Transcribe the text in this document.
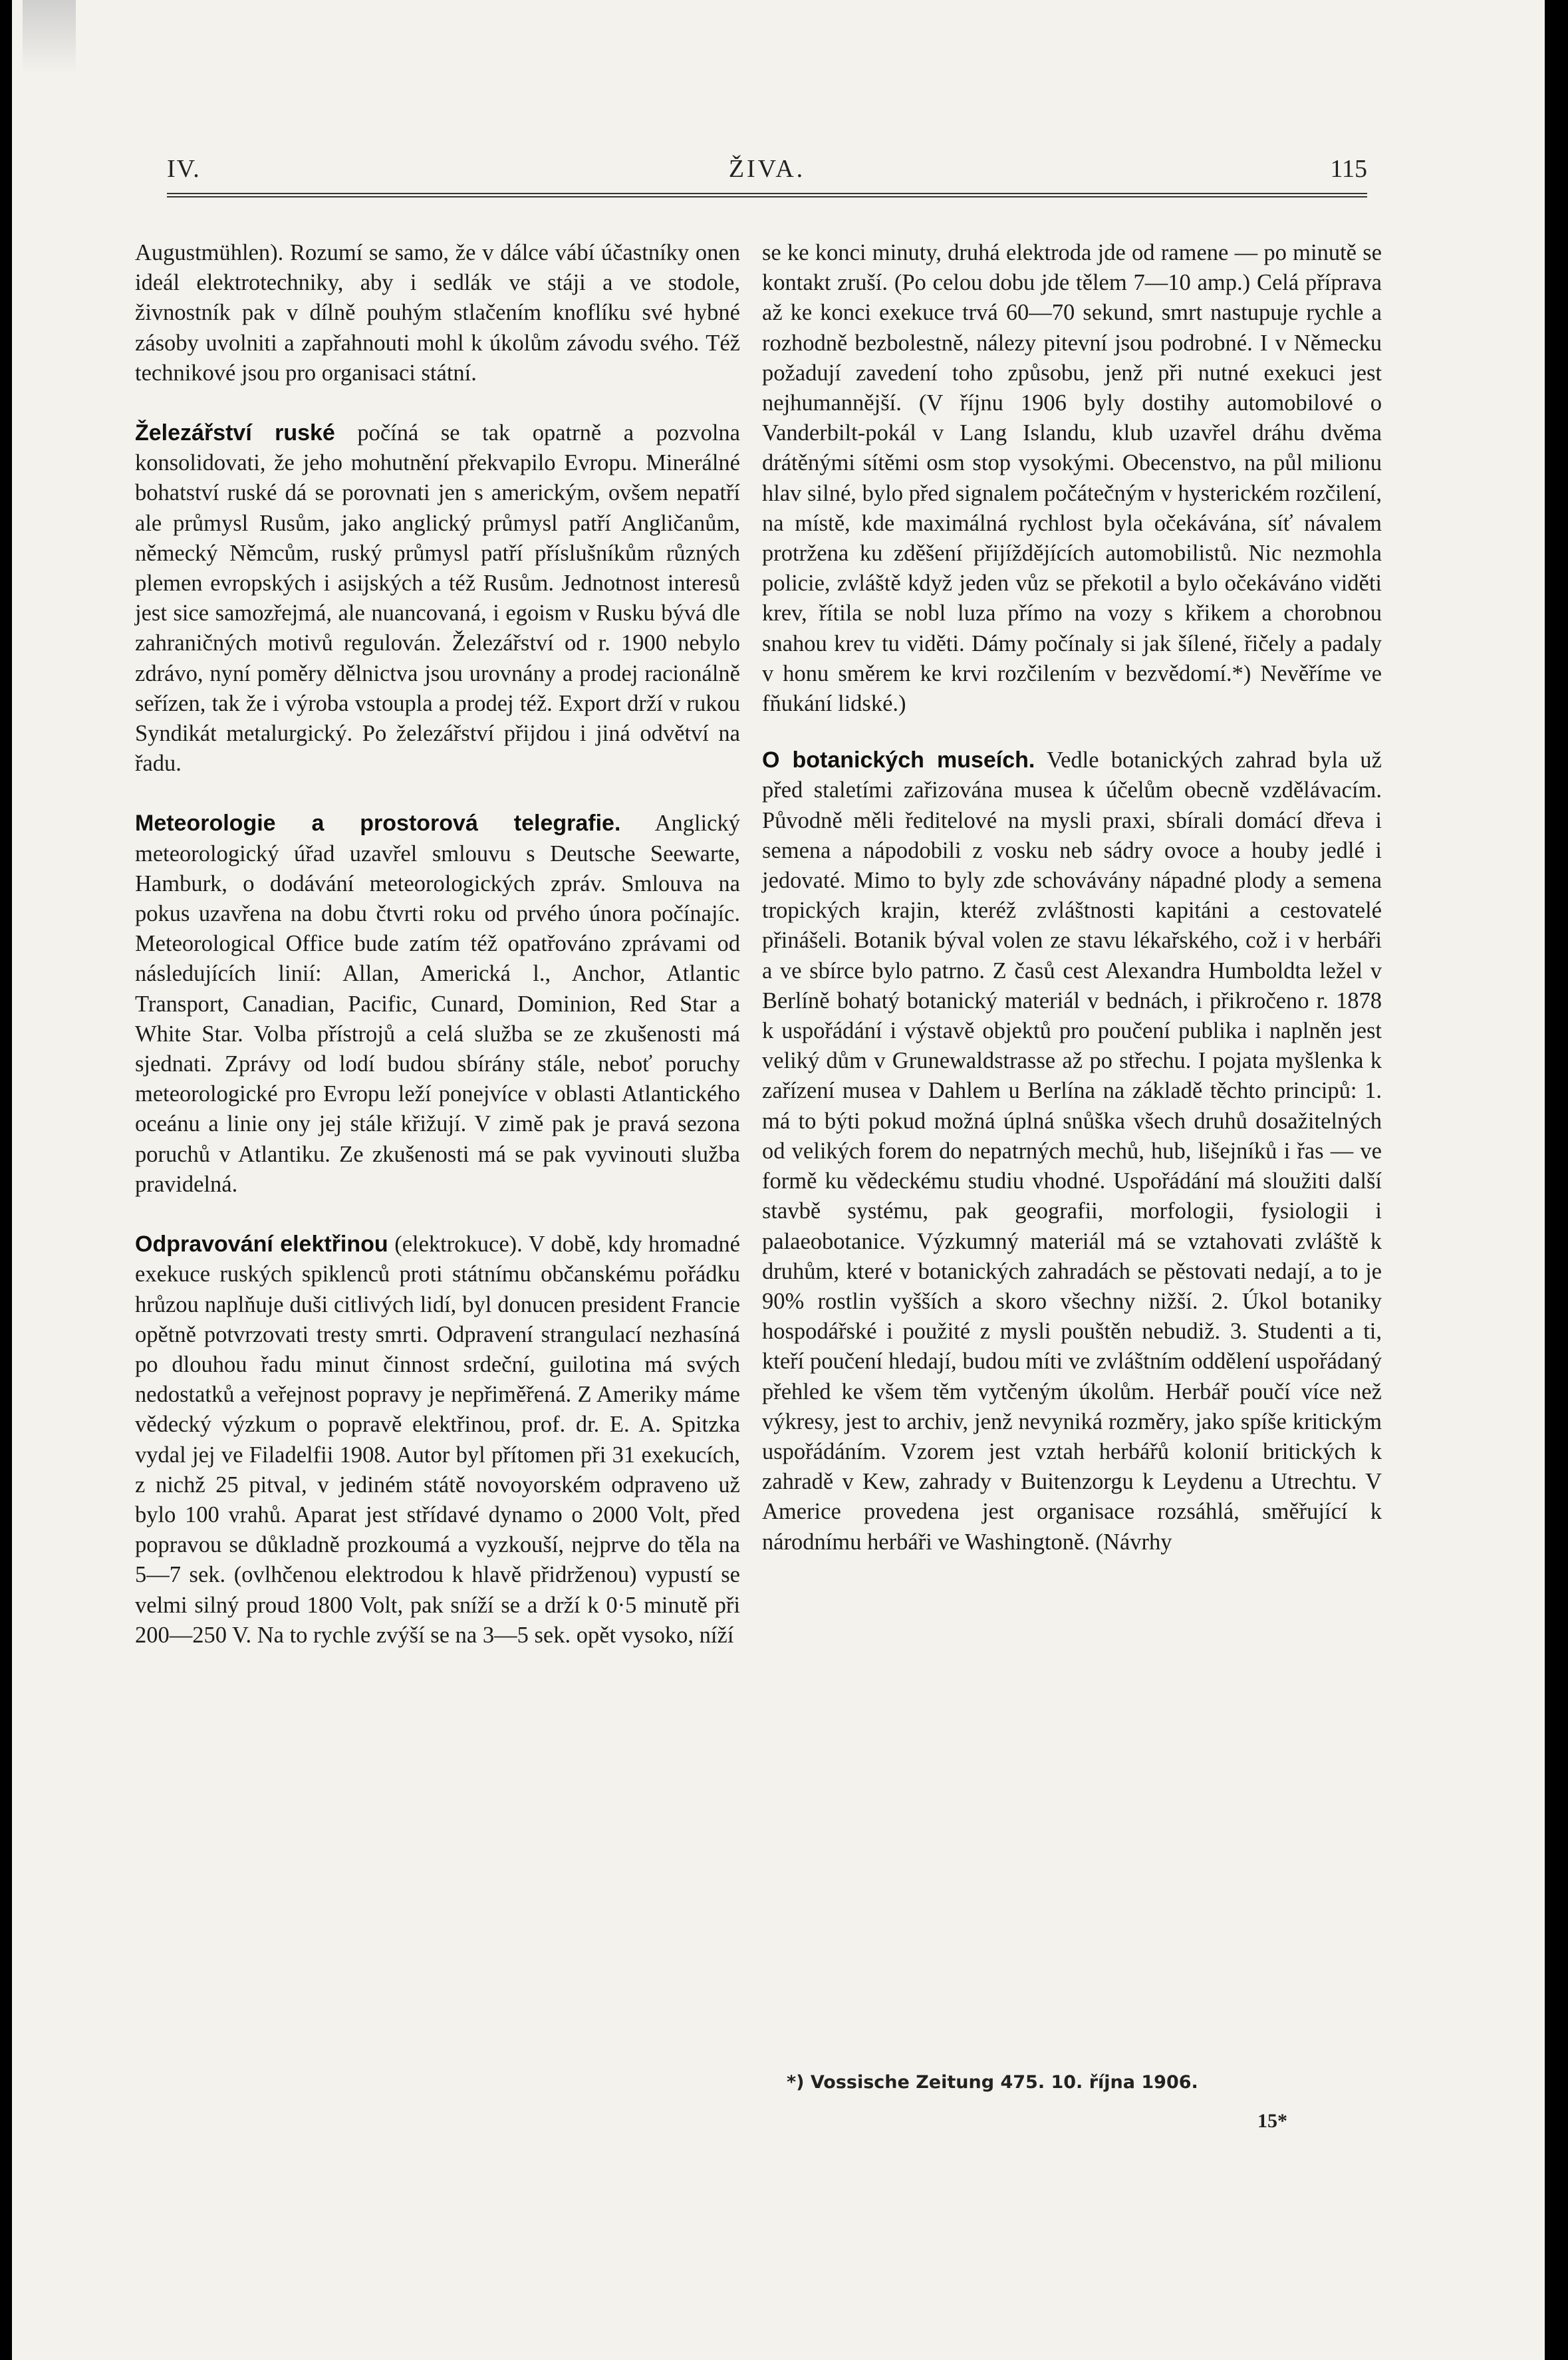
IV.	ŽIVA.	115

Augustmühlen). Rozumí se samo, že v dálce vábí účastníky onen ideál elektrotechniky, aby i sedlák ve stáji a ve stodole, živnostník pak v dílně pouhým stlačením knoflíku své hybné zásoby uvolniti a zapřahnouti mohl k úkolům závodu svého. Též technikové jsou pro organisaci státní.

Železářství ruské počíná se tak opatrně a pozvolna konsolidovati, že jeho mohutnění překvapilo Evropu. Minerálné bohatství ruské dá se porovnati jen s americkým, ovšem nepatří ale průmysl Rusům, jako anglický průmysl patří Angličanům, německý Němcům, ruský průmysl patří příslušníkům různých plemen evropských i asijských a též Rusům. Jednotnost interesů jest sice samozřejmá, ale nuancovaná, i egoism v Rusku bývá dle zahraničných motivů regulován. Železářství od r. 1900 nebylo zdrávo, nyní poměry dělnictva jsou urovnány a prodej racionálně seřízen, tak že i výroba vstoupla a prodej též. Export drží v rukou Syndikát metalurgický. Po železářství přijdou i jiná odvětví na řadu.

Meteorologie a prostorová telegrafie. Anglický meteorologický úřad uzavřel smlouvu s Deutsche Seewarte, Hamburk, o dodávání meteorologických zpráv. Smlouva na pokus uzavřena na dobu čtvrti roku od prvého února počínajíc. Meteorological Office bude zatím též opatřováno zprávami od následujících linií: Allan, Americká l., Anchor, Atlantic Transport, Canadian, Pacific, Cunard, Dominion, Red Star a White Star. Volba přístrojů a celá služba se ze zkušenosti má sjednati. Zprávy od lodí budou sbírány stále, neboť poruchy meteorologické pro Evropu leží ponejvíce v oblasti Atlantického oceánu a linie ony jej stále křižují. V zimě pak je pravá sezona poruchů v Atlantiku. Ze zkušenosti má se pak vyvinouti služba pravidelná.

Odpravování elektřinou (elektrokuce). V době, kdy hromadné exekuce ruských spiklenců proti státnímu občanskému pořádku hrůzou naplňuje duši citlivých lidí, byl donucen president Francie opětně potvrzovati tresty smrti. Odpravení strangulací nezhasíná po dlouhou řadu minut činnost srdeční, guilotina má svých nedostatků a veřejnost popravy je nepřiměřená. Z Ameriky máme vědecký výzkum o popravě elektřinou, prof. dr. E. A. Spitzka vydal jej ve Filadelfii 1908. Autor byl přítomen při 31 exekucích, z nichž 25 pitval, v jediném státě novoyorském odpraveno už bylo 100 vrahů. Aparat jest střídavé dynamo o 2000 Volt, před popravou se důkladně prozkoumá a vyzkouší, nejprve do těla na 5—7 sek. (ovlhčenou elektrodou k hlavě přidrženou) vypustí se velmi silný proud 1800 Volt, pak sníží se a drží k 0·5 minutě při 200—250 V. Na to rychle zvýší se na 3—5 sek. opět vysoko, níží

se ke konci minuty, druhá elektroda jde od ramene — po minutě se kontakt zruší. (Po celou dobu jde tělem 7—10 amp.) Celá příprava až ke konci exekuce trvá 60—70 sekund, smrt nastupuje rychle a rozhodně bezbolestně, nálezy pitevní jsou podrobné. I v Německu požadují zavedení toho způsobu, jenž při nutné exekuci jest nejhumannější. (V říjnu 1906 byly dostihy automobilové o Vanderbilt-pokál v Lang Islandu, klub uzavřel dráhu dvěma drátěnými sítěmi osm stop vysokými. Obecenstvo, na půl milionu hlav silné, bylo před signalem počátečným v hysterickém rozčilení, na místě, kde maximálná rychlost byla očekávána, síť návalem protržena ku zděšení přijíždějících automobilistů. Nic nezmohla policie, zvláště když jeden vůz se překotil a bylo očekáváno viděti krev, řítila se nobl luza přímo na vozy s křikem a chorobnou snahou krev tu viděti. Dámy počínaly si jak šílené, řičely a padaly v honu směrem ke krvi rozčilením v bezvědomí.*) Nevěříme ve fňukání lidské.)

O botanických museích. Vedle botanických zahrad byla už před staletími zařizována musea k účelům obecně vzdělávacím. Původně měli ředitelové na mysli praxi, sbírali domácí dřeva i semena a nápodobili z vosku neb sádry ovoce a houby jedlé i jedovaté. Mimo to byly zde schovávány nápadné plody a semena tropických krajin, kteréž zvláštnosti kapitáni a cestovatelé přinášeli. Botanik býval volen ze stavu lékařského, což i v herbáři a ve sbírce bylo patrno. Z časů cest Alexandra Humboldta ležel v Berlíně bohatý botanický materiál v bednách, i přikročeno r. 1878 k uspořádání i výstavě objektů pro poučení publika i naplněn jest veliký dům v Grunewaldstrasse až po střechu. I pojata myšlenka k zařízení musea v Dahlem u Berlína na základě těchto principů: 1. má to býti pokud možná úplná snůška všech druhů dosažitelných od velikých forem do nepatrných mechů, hub, lišejníků i řas — ve formě ku vědeckému studiu vhodné. Uspořádání má sloužiti další stavbě systému, pak geografii, morfologii, fysiologii i palaeobotanice. Výzkumný materiál má se vztahovati zvláště k druhům, které v botanických zahradách se pěstovati nedají, a to je 90% rostlin vyšších a skoro všechny nižší. 2. Úkol botaniky hospodářské i použité z mysli pouštěn nebudiž. 3. Studenti a ti, kteří poučení hledají, budou míti ve zvláštním oddělení uspořádaný přehled ke všem těm vytčeným úkolům. Herbář poučí více než výkresy, jest to archiv, jenž nevyniká rozměry, jako spíše kritickým uspořádáním. Vzorem jest vztah herbářů kolonií britických k zahradě v Kew, zahrady v Buitenzorgu k Leydenu a Utrechtu. V Americe provedena jest organisace rozsáhlá, směřující k národnímu herbáři ve Washingtoně. (Návrhy

*) Vossische Zeitung 475. 10. října 1906.
15*
